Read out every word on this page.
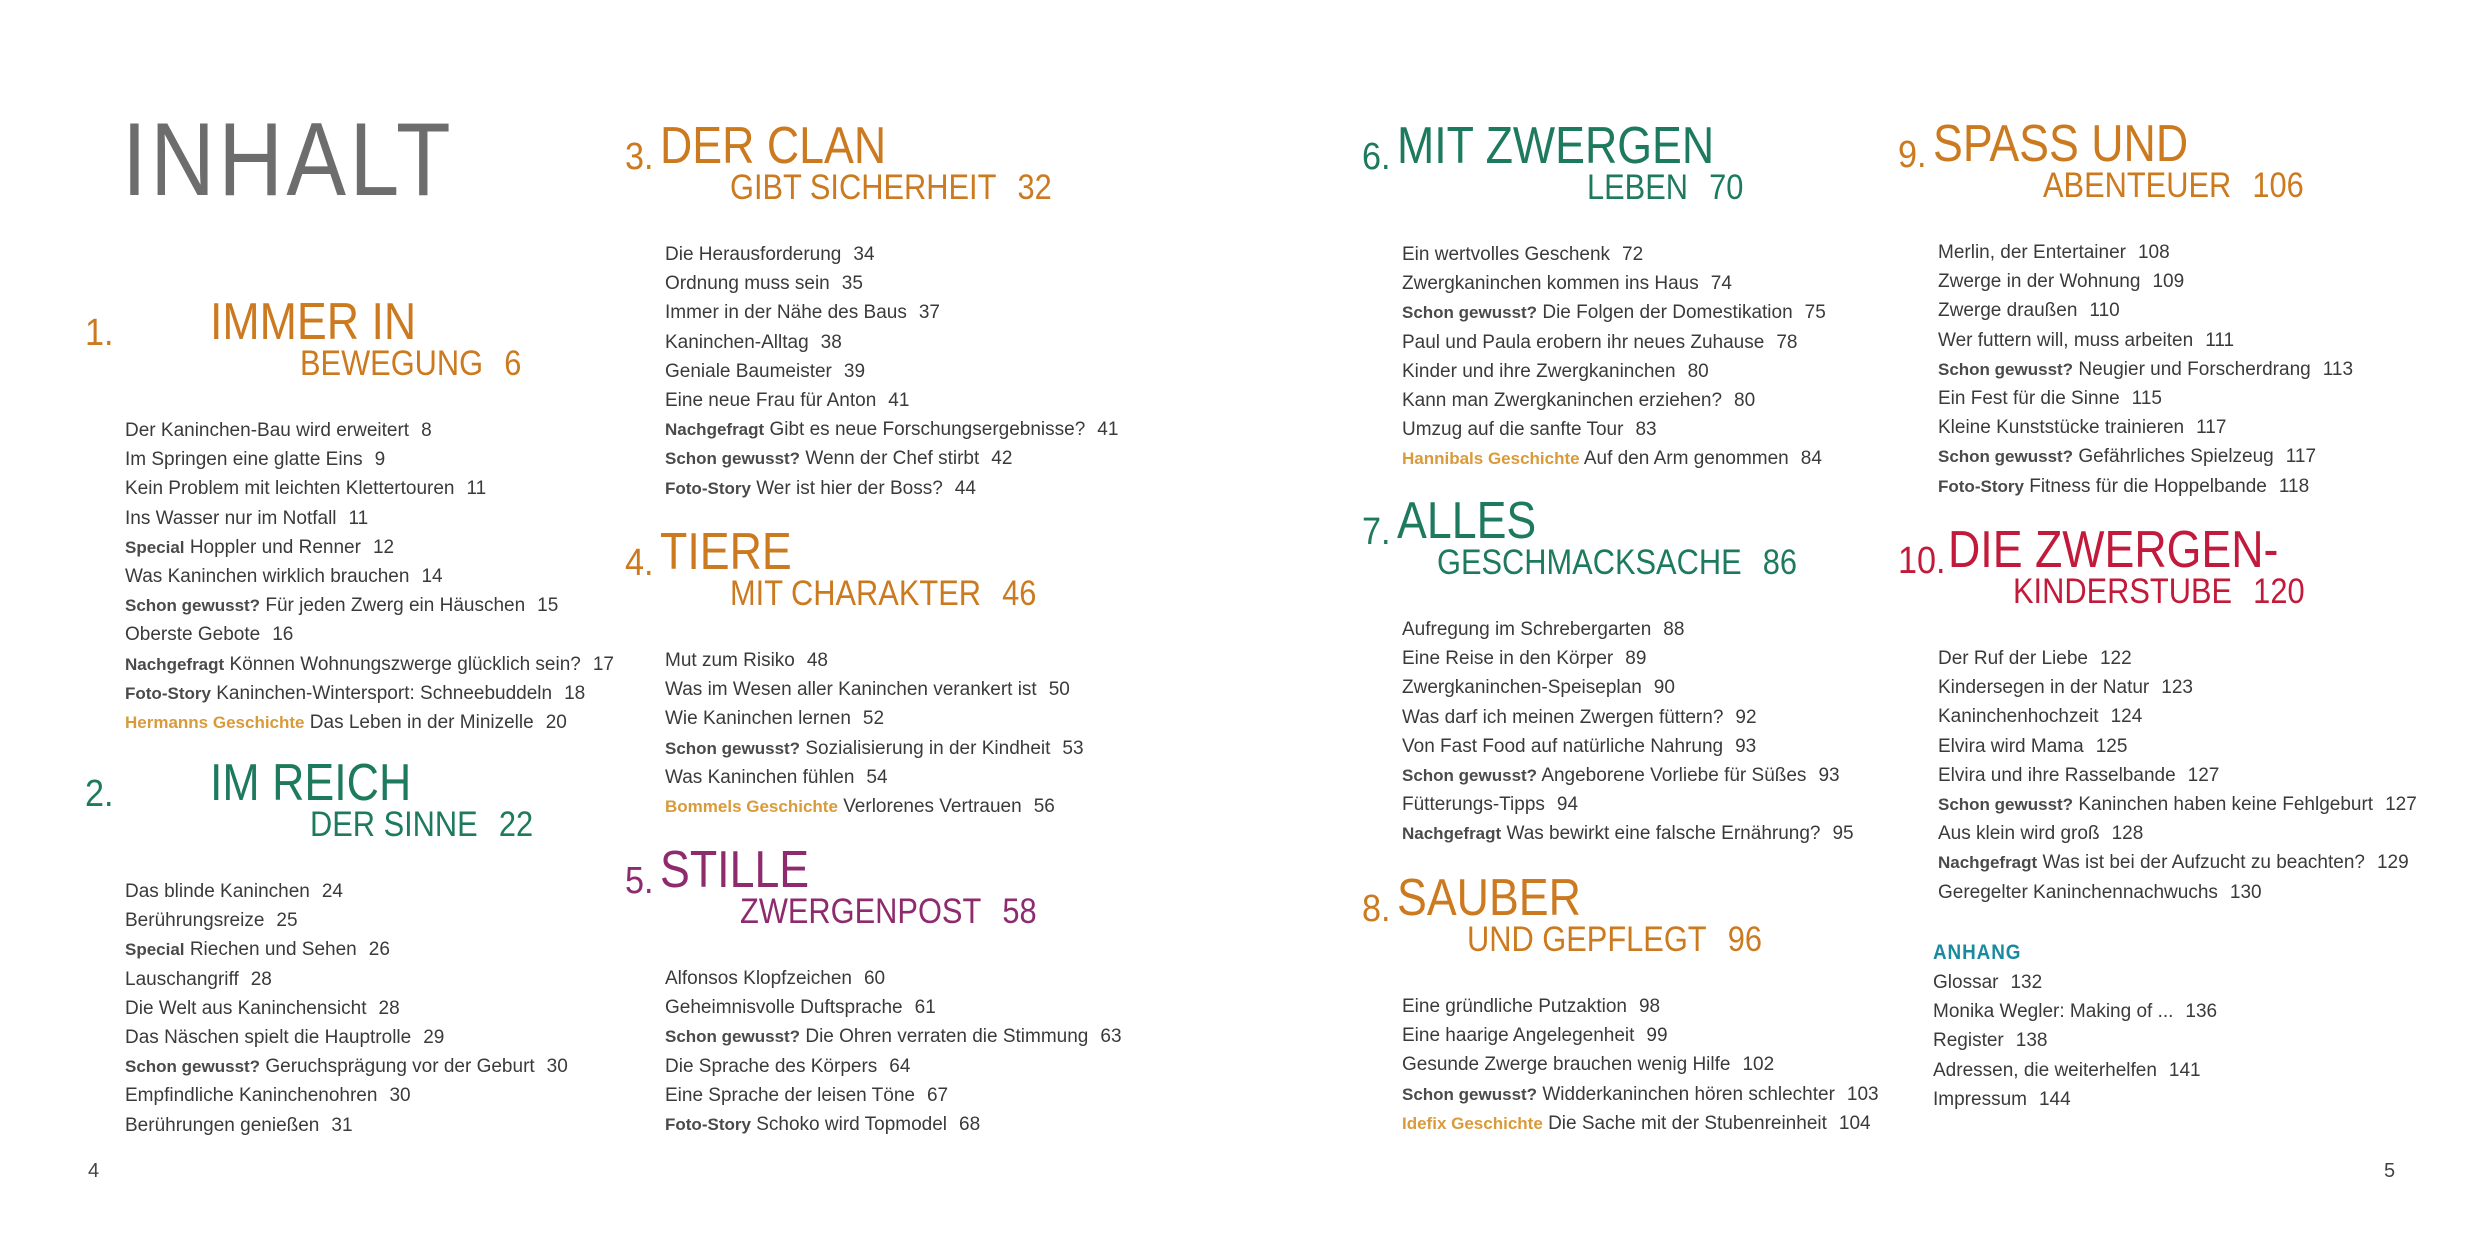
INHALT
1. IMMER IN
BEWEGUNG 6
Der Kaninchen-Bau wird erweitert 8
Im Springen eine glatte Eins 9
Kein Problem mit leichten Klettertouren 11
Ins Wasser nur im Notfall 11
Special Hoppler und Renner 12
Was Kaninchen wirklich brauchen 14
Schon gewusst? Für jeden Zwerg ein Häuschen 15
Oberste Gebote 16
Nachgefragt Können Wohnungszwerge glücklich sein? 17
Foto-Story Kaninchen-Wintersport: Schneebuddeln 18
Hermanns Geschichte Das Leben in der Minizelle 20
2. IM REICH
DER SINNE 22
Das blinde Kaninchen 24
Berührungsreize 25
Special Riechen und Sehen 26
Lauschangriff 28
Die Welt aus Kaninchensicht 28
Das Näschen spielt die Hauptrolle 29
Schon gewusst? Geruchsprägung vor der Geburt 30
Empfindliche Kaninchenohren 30
Berührungen genießen 31
3. DER CLAN
GIBT SICHERHEIT 32
Die Herausforderung 34
Ordnung muss sein 35
Immer in der Nähe des Baus 37
Kaninchen-Alltag 38
Geniale Baumeister 39
Eine neue Frau für Anton 41
Nachgefragt Gibt es neue Forschungsergebnisse? 41
Schon gewusst? Wenn der Chef stirbt 42
Foto-Story Wer ist hier der Boss? 44
4. TIERE
MIT CHARAKTER 46
Mut zum Risiko 48
Was im Wesen aller Kaninchen verankert ist 50
Wie Kaninchen lernen 52
Schon gewusst? Sozialisierung in der Kindheit 53
Was Kaninchen fühlen 54
Bommels Geschichte Verlorenes Vertrauen 56
5. STILLE
ZWERGENPOST 58
Alfonsos Klopfzeichen 60
Geheimnisvolle Duftsprache 61
Schon gewusst? Die Ohren verraten die Stimmung 63
Die Sprache des Körpers 64
Eine Sprache der leisen Töne 67
Foto-Story Schoko wird Topmodel 68
6. MIT ZWERGEN
LEBEN 70
Ein wertvolles Geschenk 72
Zwergkaninchen kommen ins Haus 74
Schon gewusst? Die Folgen der Domestikation 75
Paul und Paula erobern ihr neues Zuhause 78
Kinder und ihre Zwergkaninchen 80
Kann man Zwergkaninchen erziehen? 80
Umzug auf die sanfte Tour 83
Hannibals Geschichte Auf den Arm genommen 84
7. ALLES
GESCHMACKSACHE 86
Aufregung im Schrebergarten 88
Eine Reise in den Körper 89
Zwergkaninchen-Speiseplan 90
Was darf ich meinen Zwergen füttern? 92
Von Fast Food auf natürliche Nahrung 93
Schon gewusst? Angeborene Vorliebe für Süßes 93
Fütterungs-Tipps 94
Nachgefragt Was bewirkt eine falsche Ernährung? 95
8. SAUBER
UND GEPFLEGT 96
Eine gründliche Putzaktion 98
Eine haarige Angelegenheit 99
Gesunde Zwerge brauchen wenig Hilfe 102
Schon gewusst? Widderkaninchen hören schlechter 103
Idefix Geschichte Die Sache mit der Stubenreinheit 104
9. SPASS UND
ABENTEUER 106
Merlin, der Entertainer 108
Zwerge in der Wohnung 109
Zwerge draußen 110
Wer futtern will, muss arbeiten 111
Schon gewusst? Neugier und Forscherdrang 113
Ein Fest für die Sinne 115
Kleine Kunststücke trainieren 117
Schon gewusst? Gefährliches Spielzeug 117
Foto-Story Fitness für die Hoppelbande 118
10. DIE ZWERGEN-
KINDERSTUBE 120
Der Ruf der Liebe 122
Kindersegen in der Natur 123
Kaninchenhochzeit 124
Elvira wird Mama 125
Elvira und ihre Rasselbande 127
Schon gewusst? Kaninchen haben keine Fehlgeburt 127
Aus klein wird groß 128
Nachgefragt Was ist bei der Aufzucht zu beachten? 129
Geregelter Kaninchennachwuchs 130
ANHANG
Glossar 132
Monika Wegler: Making of ... 136
Register 138
Adressen, die weiterhelfen 141
Impressum 144
4	5
